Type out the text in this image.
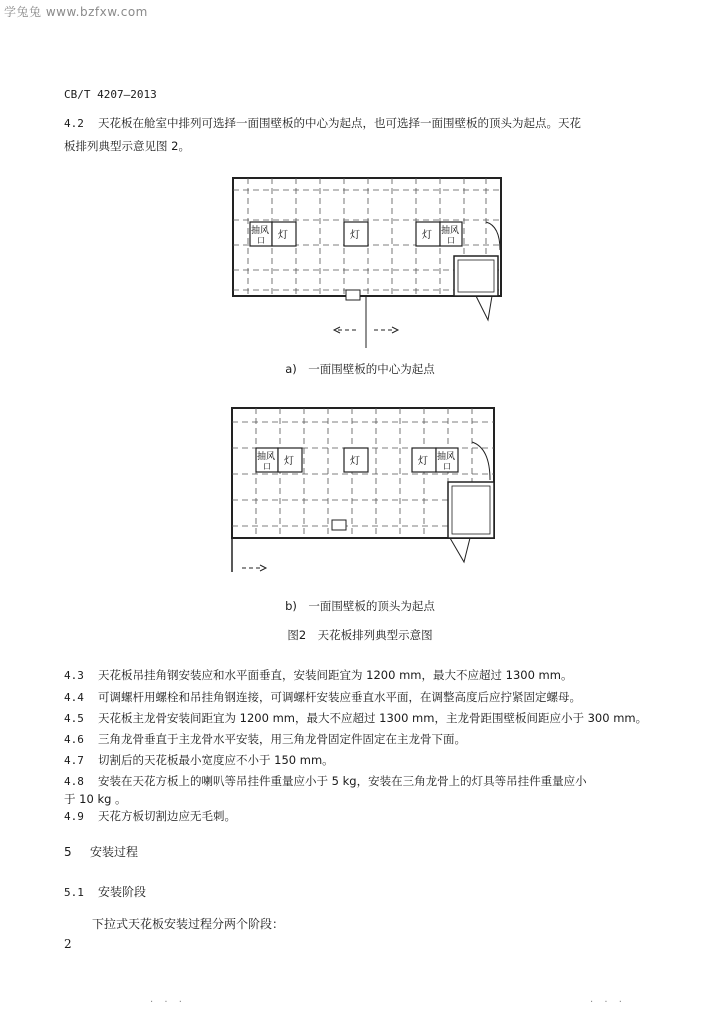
学兔兔 www.bzfxw.com
CB/T 4207—2013
4.2 天花板在舱室中排列可选择一面围壁板的中心为起点，也可选择一面围壁板的顶头为起点。天花
板排列典型示意见图 2。
抽风
口 灯	灯	灯 抽风
口
a)　一面围壁板的中心为起点
抽风
口 灯	灯	灯 抽风
口
b)　一面围壁板的顶头为起点
图2　天花板排列典型示意图
4.3 天花板吊挂角钢安装应和水平面垂直，安装间距宜为 1200 mm，最大不应超过 1300 mm。
4.4 可调螺杆用螺栓和吊挂角钢连接，可调螺杆安装应垂直水平面，在调整高度后应拧紧固定螺母。
4.5 天花板主龙骨安装间距宜为 1200 mm，最大不应超过 1300 mm，主龙骨距围壁板间距应小于 300 mm。
4.6 三角龙骨垂直于主龙骨水平安装，用三角龙骨固定件固定在主龙骨下面。
4.7 切割后的天花板最小宽度应不小于 150 mm。
4.8 安装在天花方板上的喇叭等吊挂件重量应小于 5 kg，安装在三角龙骨上的灯具等吊挂件重量应小
于 10 kg 。
4.9 天花方板切割边应无毛刺。
5 安装过程
5.1 安装阶段
下拉式天花板安装过程分两个阶段：
2
· · ·	· · ·
